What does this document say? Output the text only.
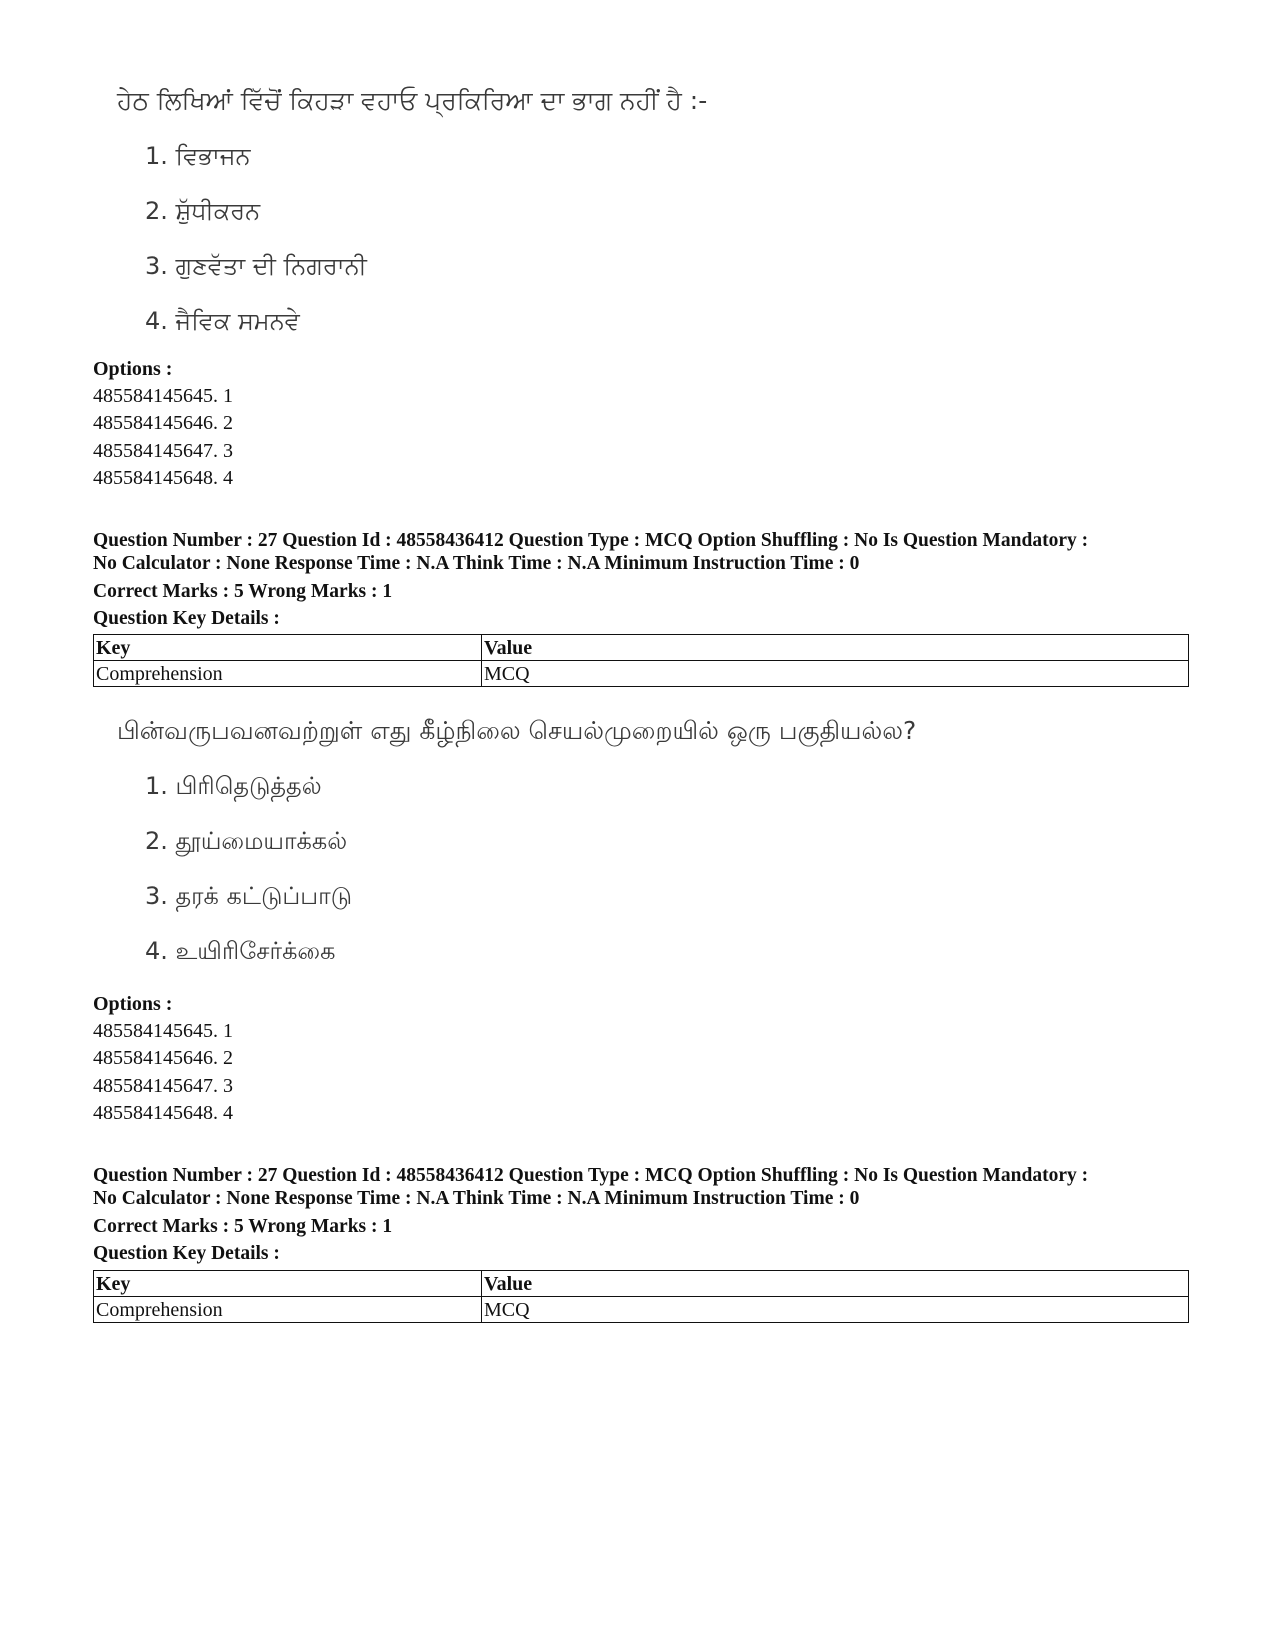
ਹੇਠ ਲਿਖਿਆਂ ਵਿੱਚੋਂ ਕਿਹੜਾ ਵਹਾਓ ਪ੍ਰਕਿਰਿਆ ਦਾ ਭਾਗ ਨਹੀਂ ਹੈ :-
1. ਵਿਭਾਜਨ
2. ਸ਼ੁੱਧੀਕਰਨ
3. ਗੁਣਵੱਤਾ ਦੀ ਨਿਗਰਾਨੀ
4. ਜੈਵਿਕ ਸਮਨਵੇ
Options :
485584145645. 1
485584145646. 2
485584145647. 3
485584145648. 4
Question Number : 27 Question Id : 48558436412 Question Type : MCQ Option Shuffling : No Is Question Mandatory :
No Calculator : None Response Time : N.A Think Time : N.A Minimum Instruction Time : 0
Correct Marks : 5 Wrong Marks : 1
Question Key Details :
Key	Value
Comprehension	MCQ
பின்வருபவனவற்றுள் எது கீழ்நிலை செயல்முறையில் ஒரு பகுதியல்ல?
1. பிரிதெடுத்தல்
2. தூய்மையாக்கல்
3. தரக் கட்டுப்பாடு
4. உயிரிசேர்க்கை
Options :
485584145645. 1
485584145646. 2
485584145647. 3
485584145648. 4
Question Number : 27 Question Id : 48558436412 Question Type : MCQ Option Shuffling : No Is Question Mandatory :
No Calculator : None Response Time : N.A Think Time : N.A Minimum Instruction Time : 0
Correct Marks : 5 Wrong Marks : 1
Question Key Details :
Key	Value
Comprehension	MCQ
